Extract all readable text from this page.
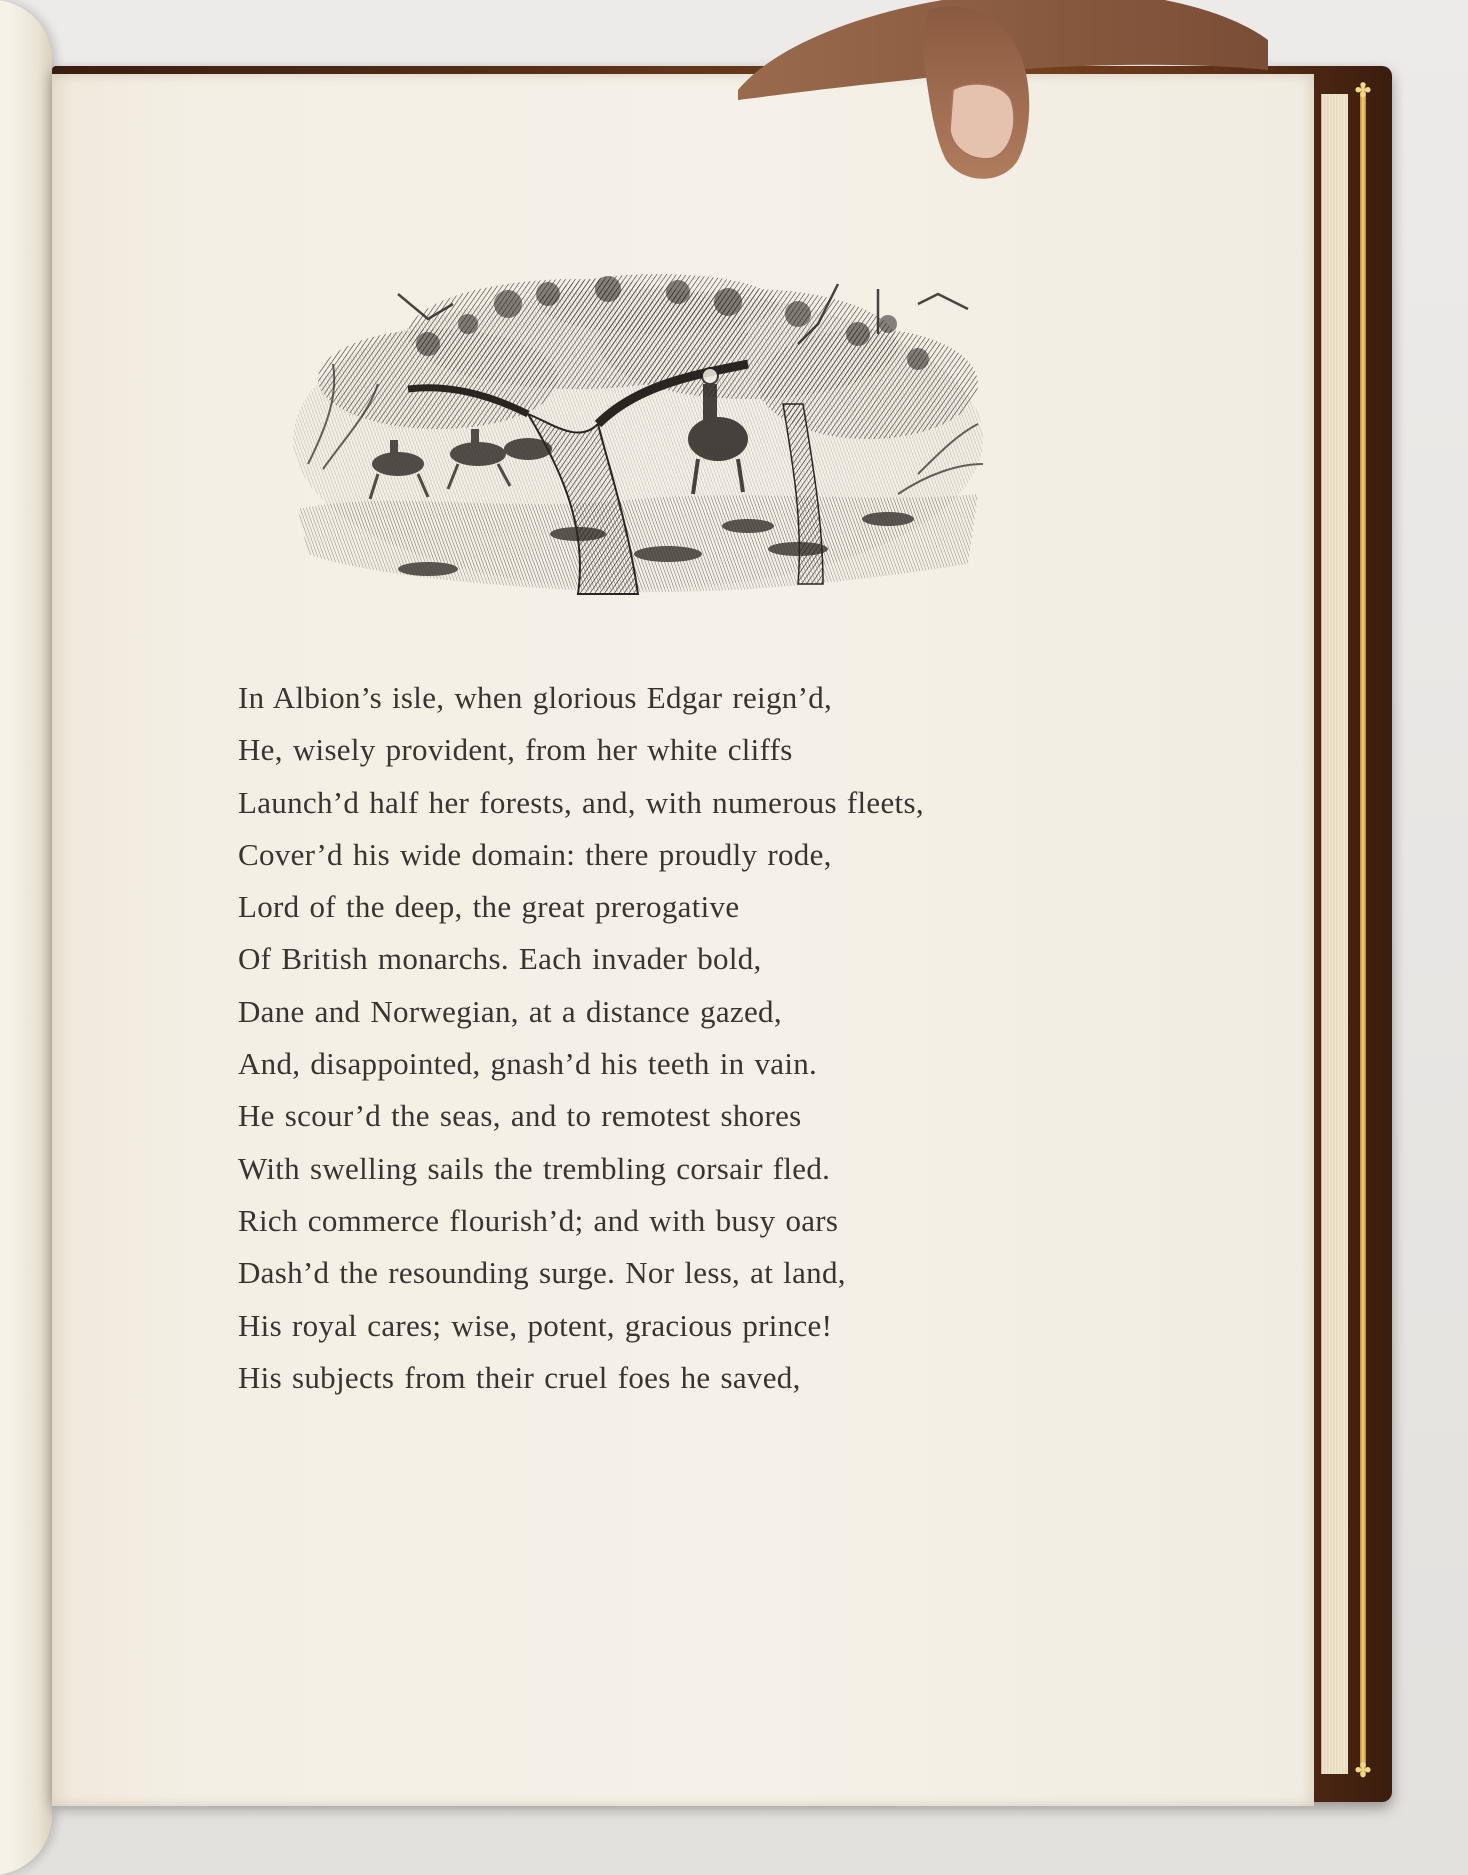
✤
✤
In Albion’s isle, when glorious Edgar reign’d,
He, wisely provident, from her white cliffs
Launch’d half her forests, and, with numerous fleets,
Cover’d his wide domain: there proudly rode,
Lord of the deep, the great prerogative
Of British monarchs. Each invader bold,
Dane and Norwegian, at a distance gazed,
And, disappointed, gnash’d his teeth in vain.
He scour’d the seas, and to remotest shores
With swelling sails the trembling corsair fled.
Rich commerce flourish’d; and with busy oars
Dash’d the resounding surge. Nor less, at land,
His royal cares; wise, potent, gracious prince!
His subjects from their cruel foes he saved,
